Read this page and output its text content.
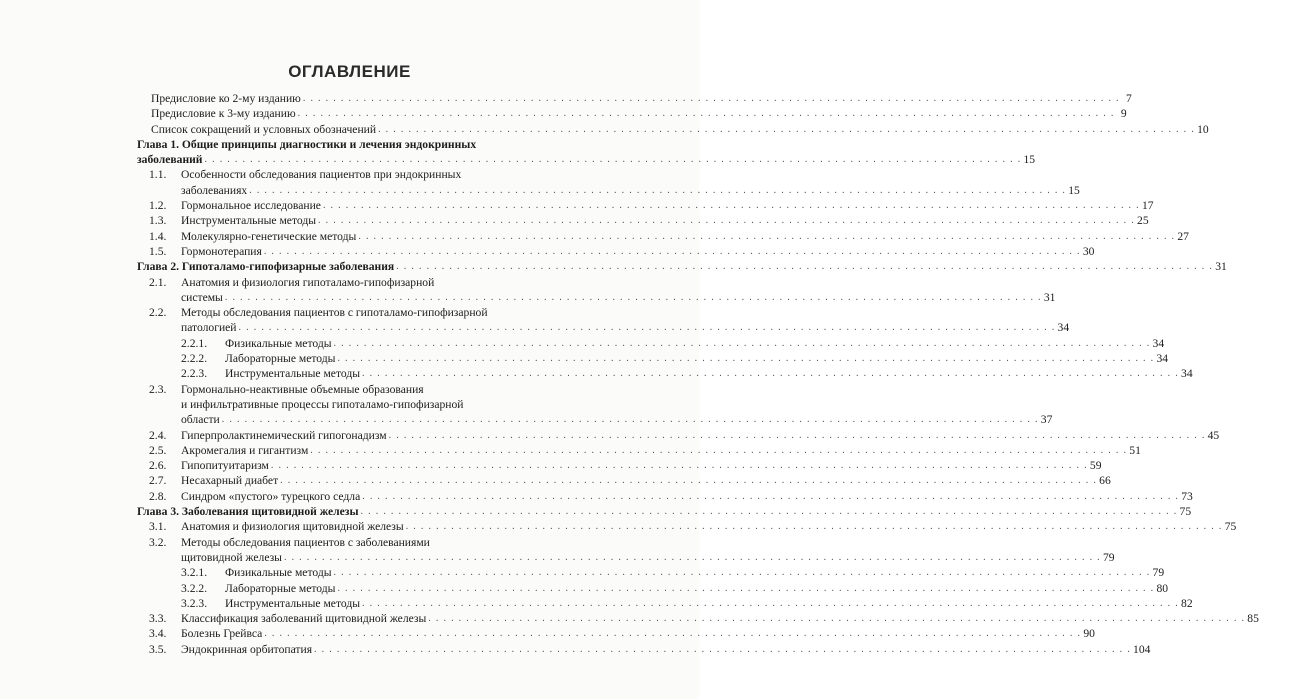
ОГЛАВЛЕНИЕ
Предисловие ко 2-му изданию . . .	7
Предисловие к 3-му изданию . . .	9
Список сокращений и условных обозначений . . .	10
Глава 1. Общие принципы диагностики и лечения эндокринных
заболеваний . . .	15
1.1.	Особенности обследования пациентов при эндокринных
заболеваниях . . .	15
1.2.	Гормональное исследование . . .	17
1.3.	Инструментальные методы . . .	25
1.4.	Молекулярно-генетические методы . . .	27
1.5.	Гормонотерапия . . .	30
Глава 2. Гипоталамо-гипофизарные заболевания . . .	31
2.1.	Анатомия и физиология гипоталамо-гипофизарной
системы . . .	31
2.2.	Методы обследования пациентов с гипоталамо-гипофизарной
патологией . . .	34
2.2.1.	Физикальные методы . . .	34
2.2.2.	Лабораторные методы . . .	34
2.2.3.	Инструментальные методы . . .	34
2.3.	Гормонально-неактивные объемные образования
и инфильтративные процессы гипоталамо-гипофизарной
области . . .	37
2.4.	Гиперпролактинемический гипогонадизм . . .	45
2.5.	Акромегалия и гигантизм . . .	51
2.6.	Гипопитуитаризм . . .	59
2.7.	Несахарный диабет . . .	66
2.8.	Синдром «пустого» турецкого седла . . .	73
Глава 3. Заболевания щитовидной железы . . .	75
3.1.	Анатомия и физиология щитовидной железы . . .	75
3.2.	Методы обследования пациентов с заболеваниями
щитовидной железы . . .	79
3.2.1.	Физикальные методы . . .	79
3.2.2.	Лабораторные методы . . .	80
3.2.3.	Инструментальные методы . . .	82
3.3.	Классификация заболеваний щитовидной железы . . .	85
3.4.	Болезнь Грейвса . . .	90
3.5.	Эндокринная орбитопатия . . .	104
